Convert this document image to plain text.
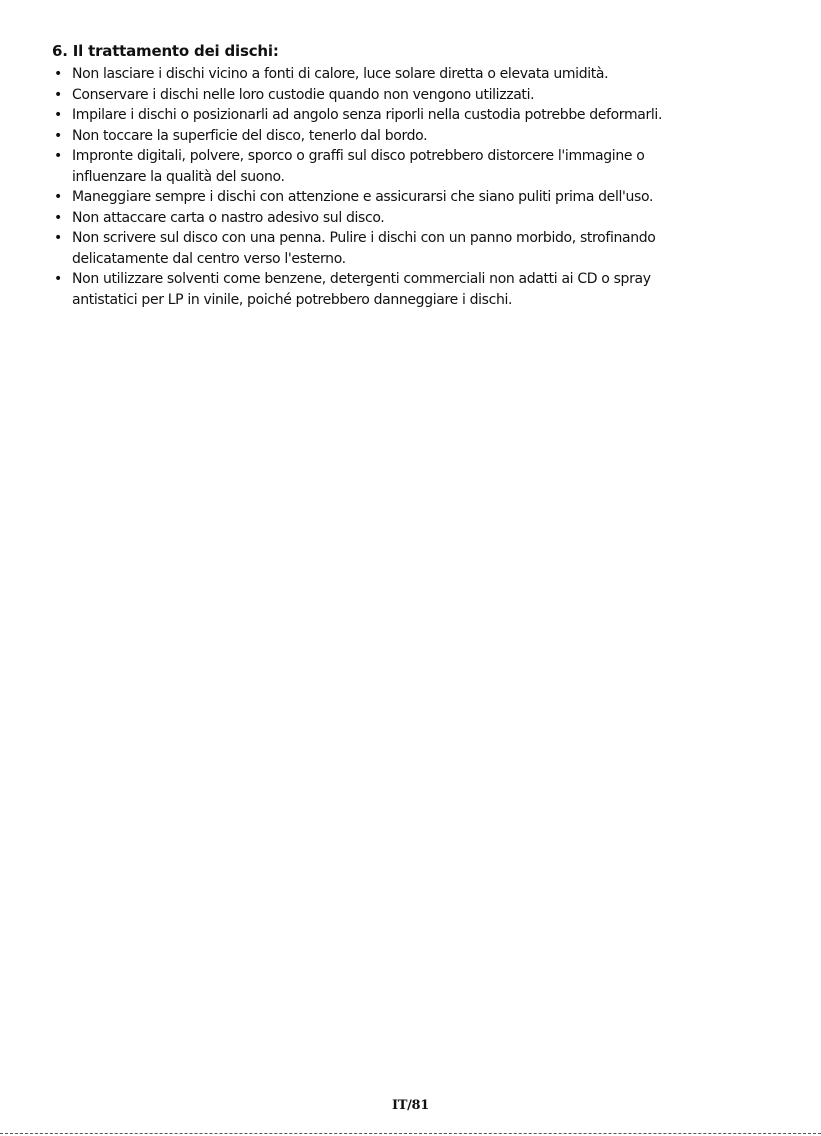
6. Il trattamento dei dischi:
• Non lasciare i dischi vicino a fonti di calore, luce solare diretta o elevata umidità.
• Conservare i dischi nelle loro custodie quando non vengono utilizzati.
• Impilare i dischi o posizionarli ad angolo senza riporli nella custodia potrebbe deformarli.
• Non toccare la superficie del disco, tenerlo dal bordo.
• Impronte digitali, polvere, sporco o graffi sul disco potrebbero distorcere l'immagine o
influenzare la qualità del suono.
• Maneggiare sempre i dischi con attenzione e assicurarsi che siano puliti prima dell'uso.
• Non attaccare carta o nastro adesivo sul disco.
• Non scrivere sul disco con una penna. Pulire i dischi con un panno morbido, strofinando
delicatamente dal centro verso l'esterno.
• Non utilizzare solventi come benzene, detergenti commerciali non adatti ai CD o spray
antistatici per LP in vinile, poiché potrebbero danneggiare i dischi.
IT/81
